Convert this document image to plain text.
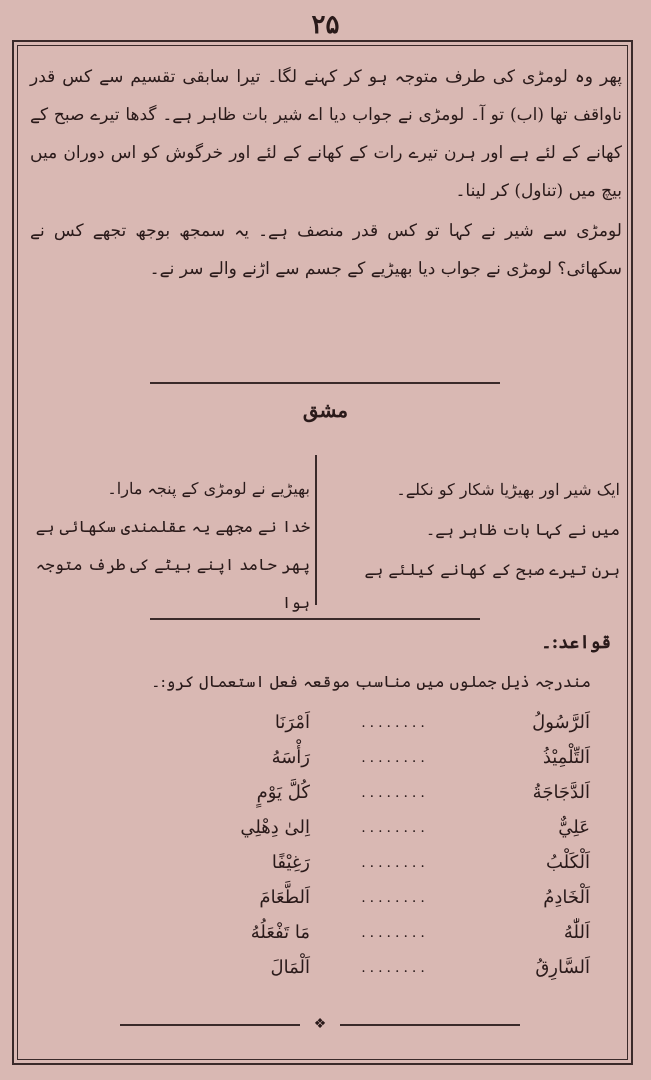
۲۵

پھر وہ لومڑی کی طرف متوجہ ہو کر کہنے لگا۔ تیرا سابقی تقسیم سے کس قدر ناواقف تھا (اب) تو آ۔ لومڑی نے جواب دیا اے شیر بات ظاہر ہے۔ گدھا تیرے صبح کے کھانے کے لئے ہے اور ہرن تیرے رات کے کھانے کے لئے اور خرگوش کو اس دوران میں بیچ میں (تناول) کر لینا۔

لومڑی سے شیر نے کہا تو کس قدر منصف ہے۔ یہ سمجھ بوجھ تجھے کس نے سکھائی؟ لومڑی نے جواب دیا بھیڑیے کے جسم سے اڑنے والے سر نے۔

مشق
ایک شیر اور بھیڑیا شکار کو نکلے۔
میں نے کہا بات ظاہر ہے۔
ہرن تیرے صبح کے کھانے کیلئے ہے
بھیڑیے نے لومڑی کے پنجہ مارا۔
خدا نے مجھے یہ عقلمندی سکھائی ہے
پھر حامد اپنے بیٹے کی طرف متوجہ ہوا
قواعد:۔
مندرجہ ذیل جملوں میں مناسب موقعہ فعل استعمال کرو:۔
اَلرَّسُولُ
........
اَمْرَنَا
اَلتِّلْمِیْذُ
........
رَأْسَهُ
اَلدَّجَاجَةُ
........
كُلَّ يَوْمٍ
عَلِيٌّ
........
اِلىٰ دِهْلِي
اَلْكَلْبُ
........
رَغِيْفًا
اَلْخَادِمُ
........
اَلطَّعَامَ
اَللّٰهُ
........
مَا تَفْعَلُهُ
اَلسَّارِقُ
........
اَلْمَالَ
❖
